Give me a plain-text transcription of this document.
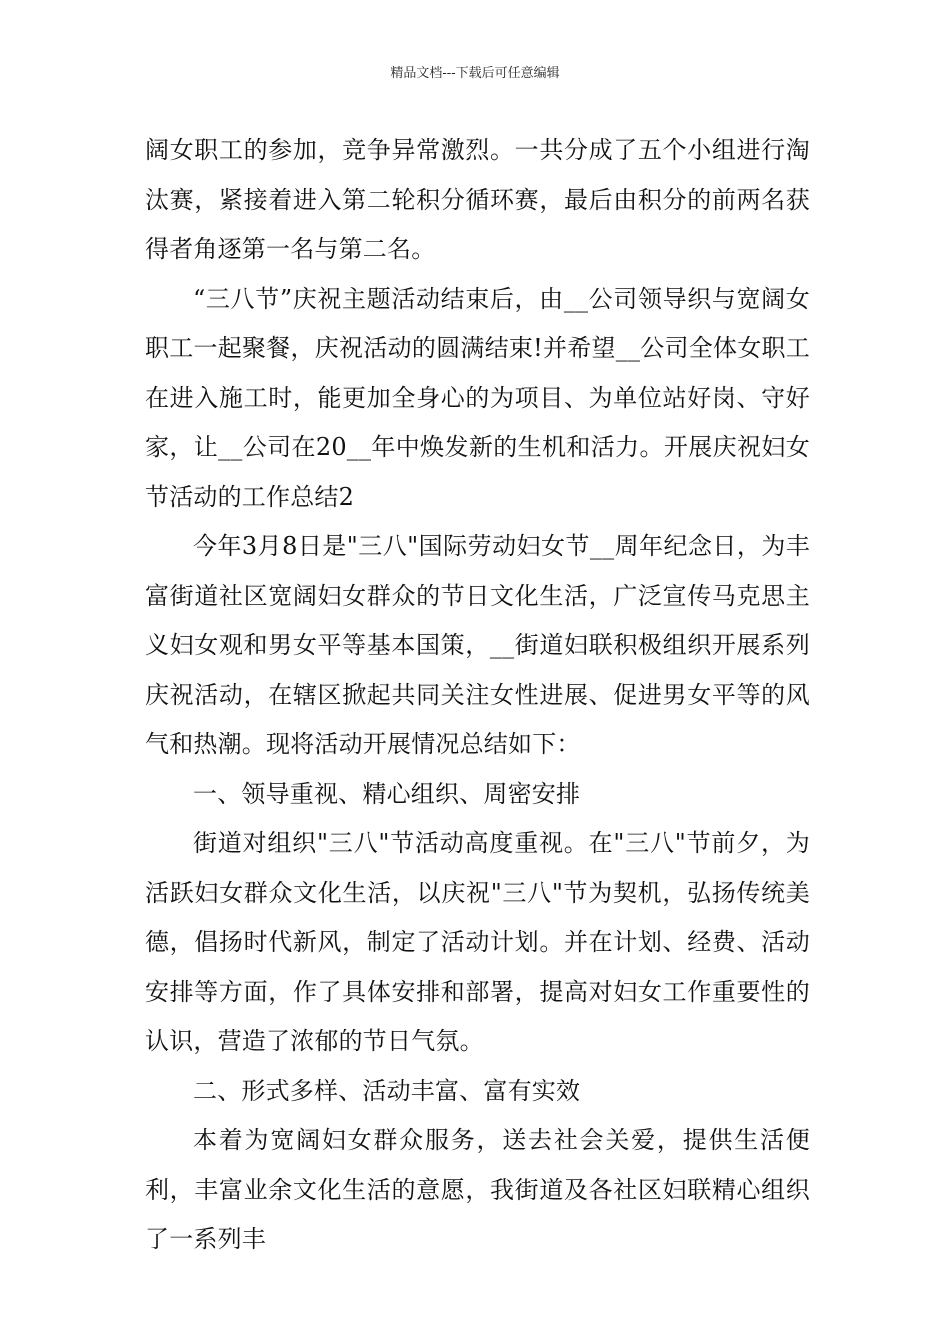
精品文档---下载后可任意编辑

阔女职工的参加，竞争异常激烈。一共分成了五个小组进行淘汰赛，紧接着进入第二轮积分循环赛，最后由积分的前两名获得者角逐第一名与第二名。

“三八节”庆祝主题活动结束后，由__公司领导织与宽阔女职工一起聚餐，庆祝活动的圆满结束!并希望__公司全体女职工在进入施工时，能更加全身心的为项目、为单位站好岗、守好家，让__公司在20__年中焕发新的生机和活力。开展庆祝妇女节活动的工作总结2

今年3月8日是"三八"国际劳动妇女节__周年纪念日，为丰富街道社区宽阔妇女群众的节日文化生活，广泛宣传马克思主义妇女观和男女平等基本国策，__街道妇联积极组织开展系列庆祝活动，在辖区掀起共同关注女性进展、促进男女平等的风气和热潮。现将活动开展情况总结如下：

一、领导重视、精心组织、周密安排

街道对组织"三八"节活动高度重视。在"三八"节前夕，为活跃妇女群众文化生活，以庆祝"三八"节为契机，弘扬传统美德，倡扬时代新风，制定了活动计划。并在计划、经费、活动安排等方面，作了具体安排和部署，提高对妇女工作重要性的认识，营造了浓郁的节日气氛。

二、形式多样、活动丰富、富有实效

本着为宽阔妇女群众服务，送去社会关爱，提供生活便利，丰富业余文化生活的意愿，我街道及各社区妇联精心组织了一系列丰
